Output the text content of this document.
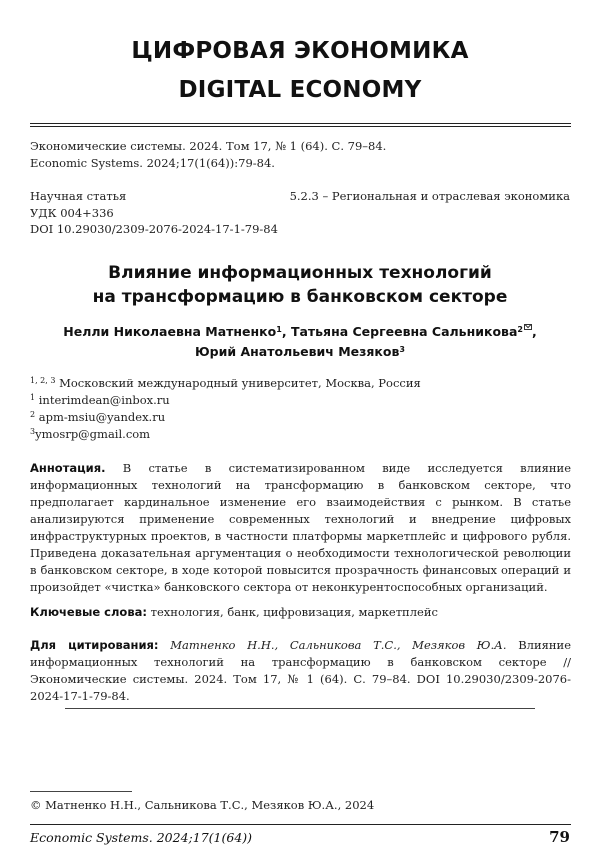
ЦИФРОВАЯ ЭКОНОМИКА
DIGITAL ECONOMY
Экономические системы. 2024. Том 17, № 1 (64). С. 79–84.
Economic Systems. 2024;17(1(64)):79-84.
Научная статья	5.2.3 – Региональная и отраслевая экономика
УДК 004+336
DOI 10.29030/2309-2076-2024-17-1-79-84
Влияние информационных технологий
на трансформацию в банковском секторе
Нелли Николаевна Матненко$^1$, Татьяна Сергеевна Сальникова$^2$ ,
Юрий Анатольевич Мезяков$^3$
$^{1, 2, 3}$ Московский международный университет, Москва, Россия
$^1$ interimdean@inbox.ru
$^2$ apm-msiu@yandex.ru
$^3$ymosrp@gmail.com
Аннотация. В статье в систематизированном виде исследуется влияние информационных технологий на трансформацию в банковском секторе, что предполагает кардинальное изменение его взаимодействия с рынком. В статье анализируются применение современных технологий и внедрение цифровых инфраструктурных проектов, в частности платформы маркетплейс и цифрового рубля. Приведена доказательная аргументация о необходимости технологической революции в банковском секторе, в ходе которой повысится прозрачность финансовых операций и произойдет «чистка» банковского сектора от неконкурентоспособных организаций.
Ключевые слова: технология, банк, цифровизация, маркетплейс
Для цитирования: Матненко Н.Н., Сальникова Т.С., Мезяков Ю.А. Влияние информационных технологий на трансформацию в банковском секторе // Экономические системы. 2024. Том 17, № 1 (64). С. 79–84. DOI 10.29030/2309-2076-2024-17-1-79-84.
© Матненко Н.Н., Сальникова Т.С., Мезяков Ю.А., 2024
Economic Systems. 2024;17(1(64))	79
